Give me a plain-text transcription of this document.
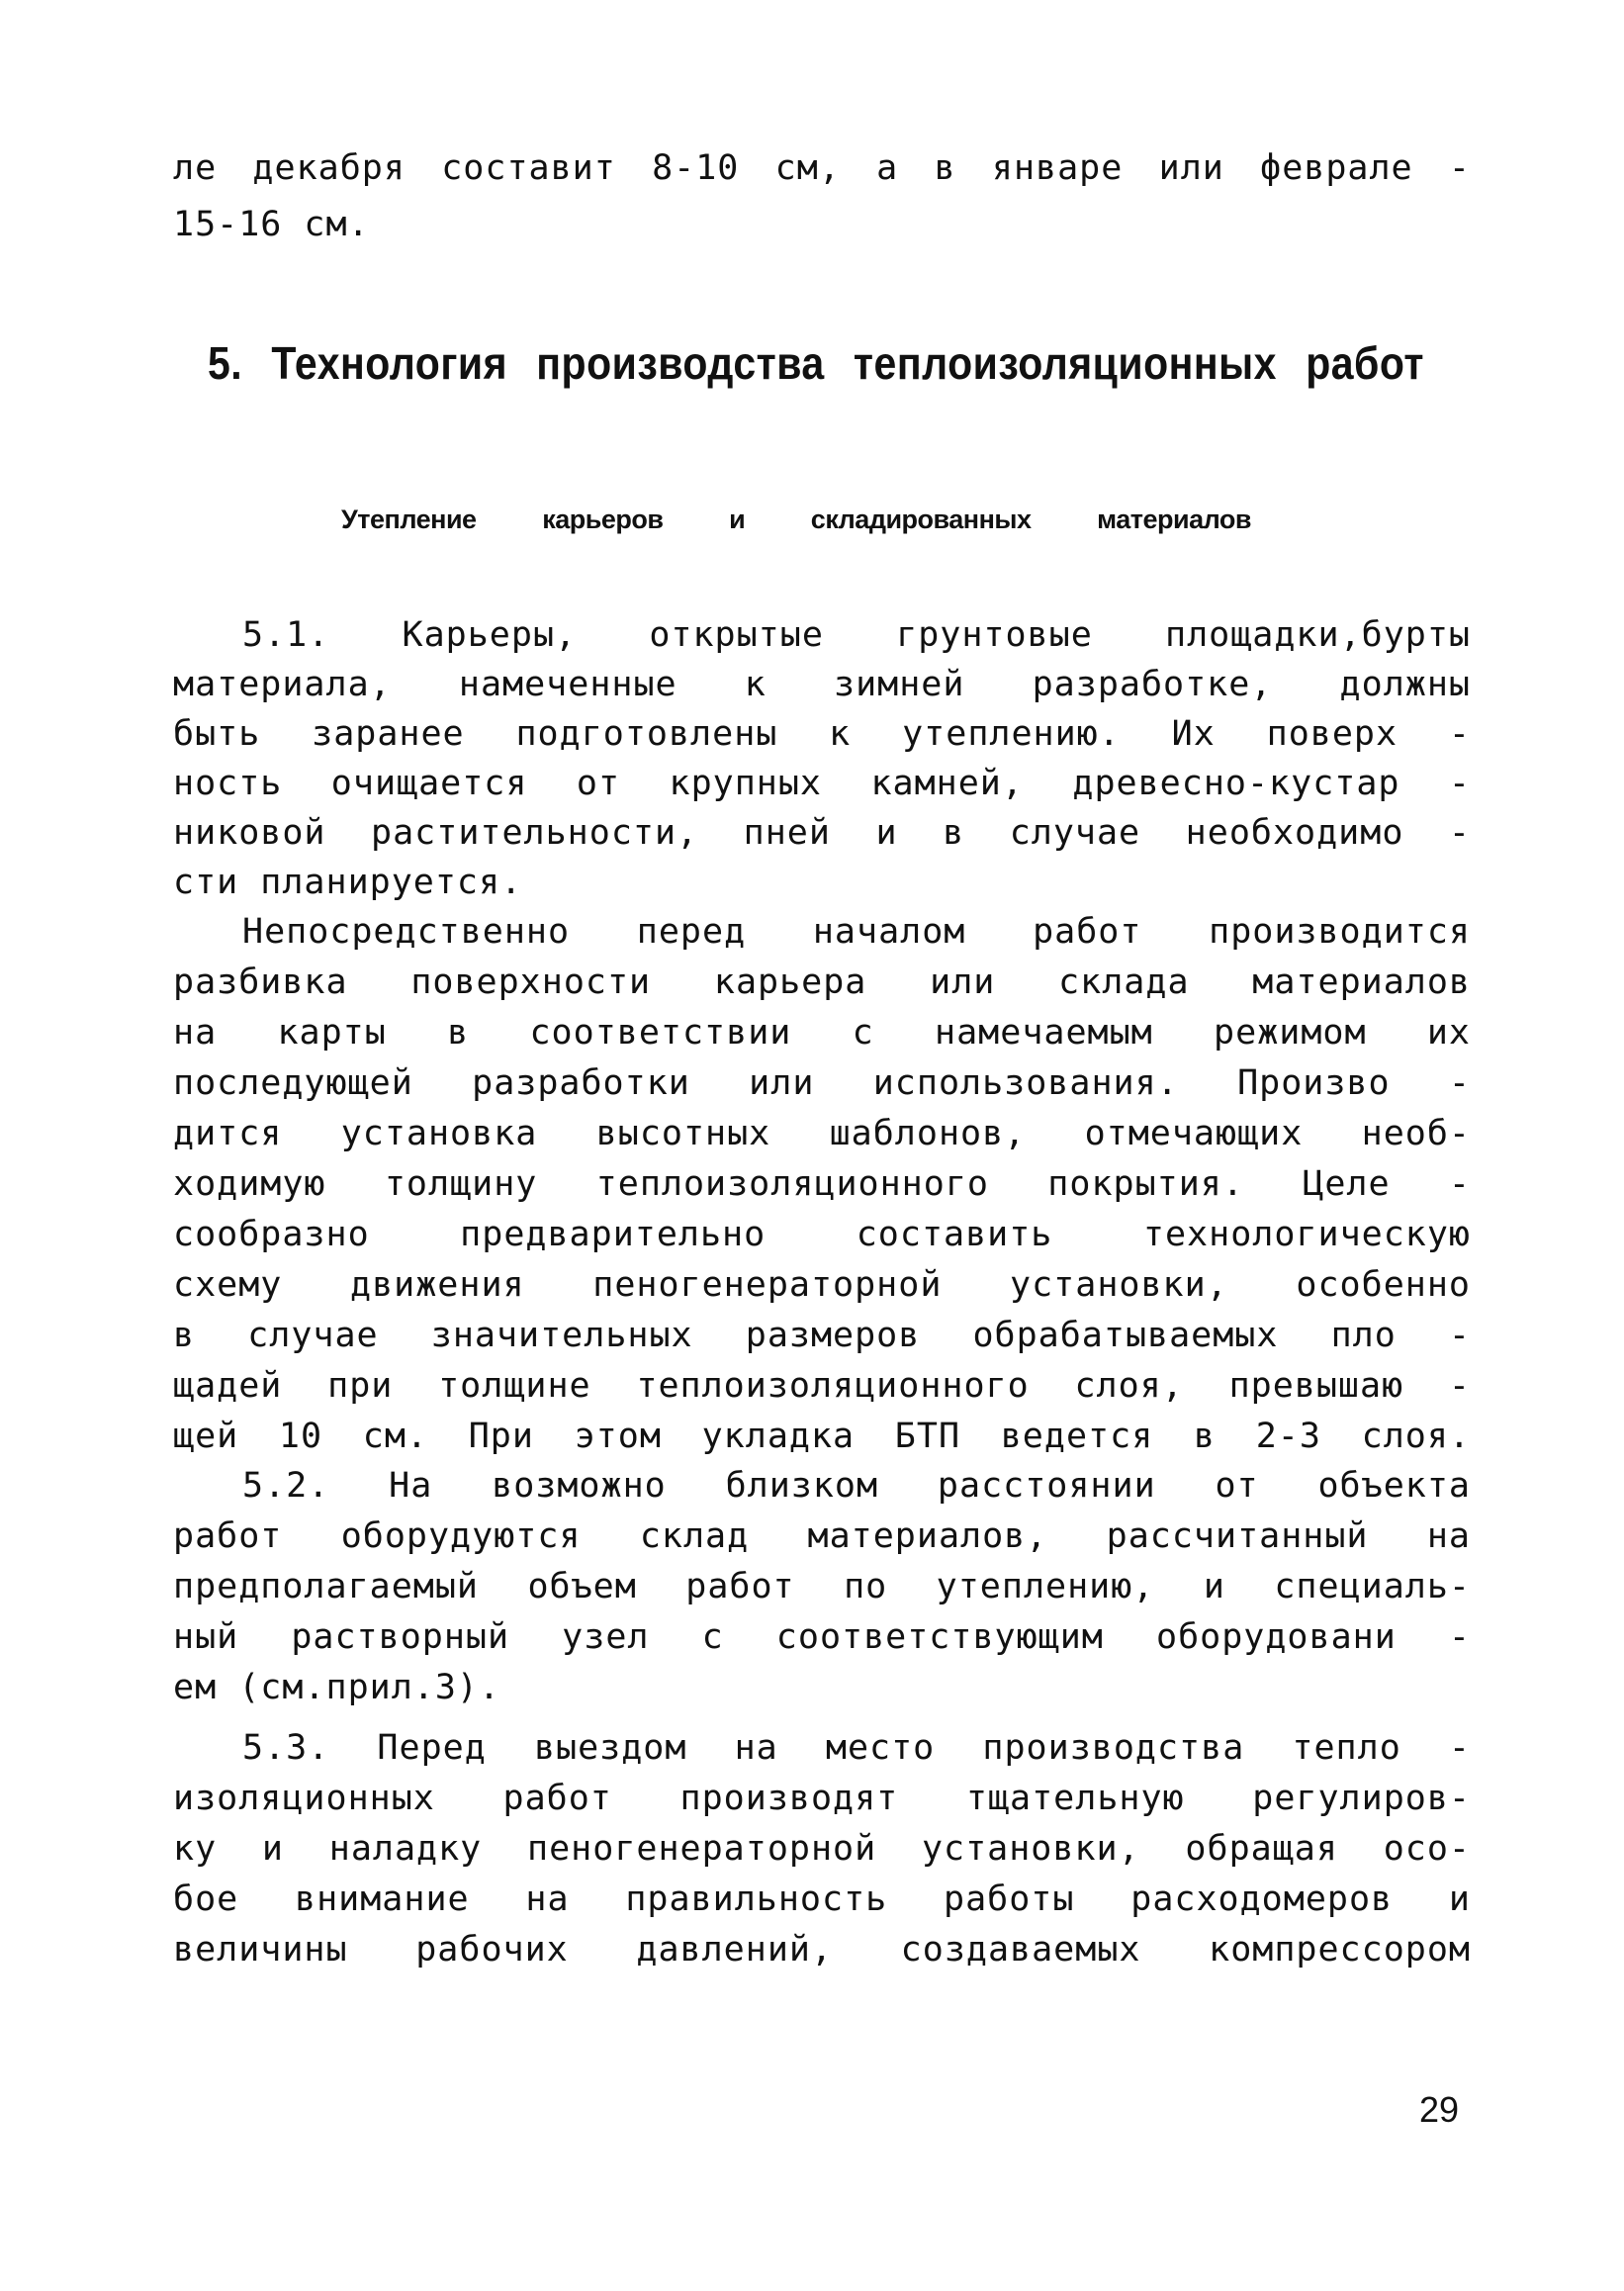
ле декабря составит 8-10 см, а в январе или феврале -
15-16 см.
5. Технология производства теплоизоляционных работ
Утепление карьеров и складированных материалов
5.1. Карьеры, открытые грунтовые площадки,бурты
материала, намеченные к зимней разработке, должны
быть заранее подготовлены к утеплению. Их поверх -
ность очищается от крупных камней, древесно-кустар -
никовой растительности, пней и в случае необходимо -
сти планируется.
Непосредственно перед началом работ производится
разбивка поверхности карьера или склада материалов
на карты в соответствии с намечаемым режимом их
последующей разработки или использования. Произво -
дится установка высотных шаблонов, отмечающих необ-
ходимую толщину теплоизоляционного покрытия. Целе -
сообразно предварительно составить технологическую
схему движения пеногенераторной установки, особенно
в случае значительных размеров обрабатываемых пло -
щадей при толщине теплоизоляционного слоя, превышаю -
щей 10 см. При этом укладка БТП ведется в 2-3 слоя.
5.2. На возможно близком расстоянии от объекта
работ оборудуются склад материалов, рассчитанный на
предполагаемый объем работ по утеплению, и специаль-
ный растворный узел с соответствующим оборудовани -
ем (см.прил.3).
5.3. Перед выездом на место производства тепло -
изоляционных работ производят тщательную регулиров-
ку и наладку пеногенераторной установки, обращая осо-
бое внимание на правильность работы расходомеров и
величины рабочих давлений, создаваемых компрессором
29
